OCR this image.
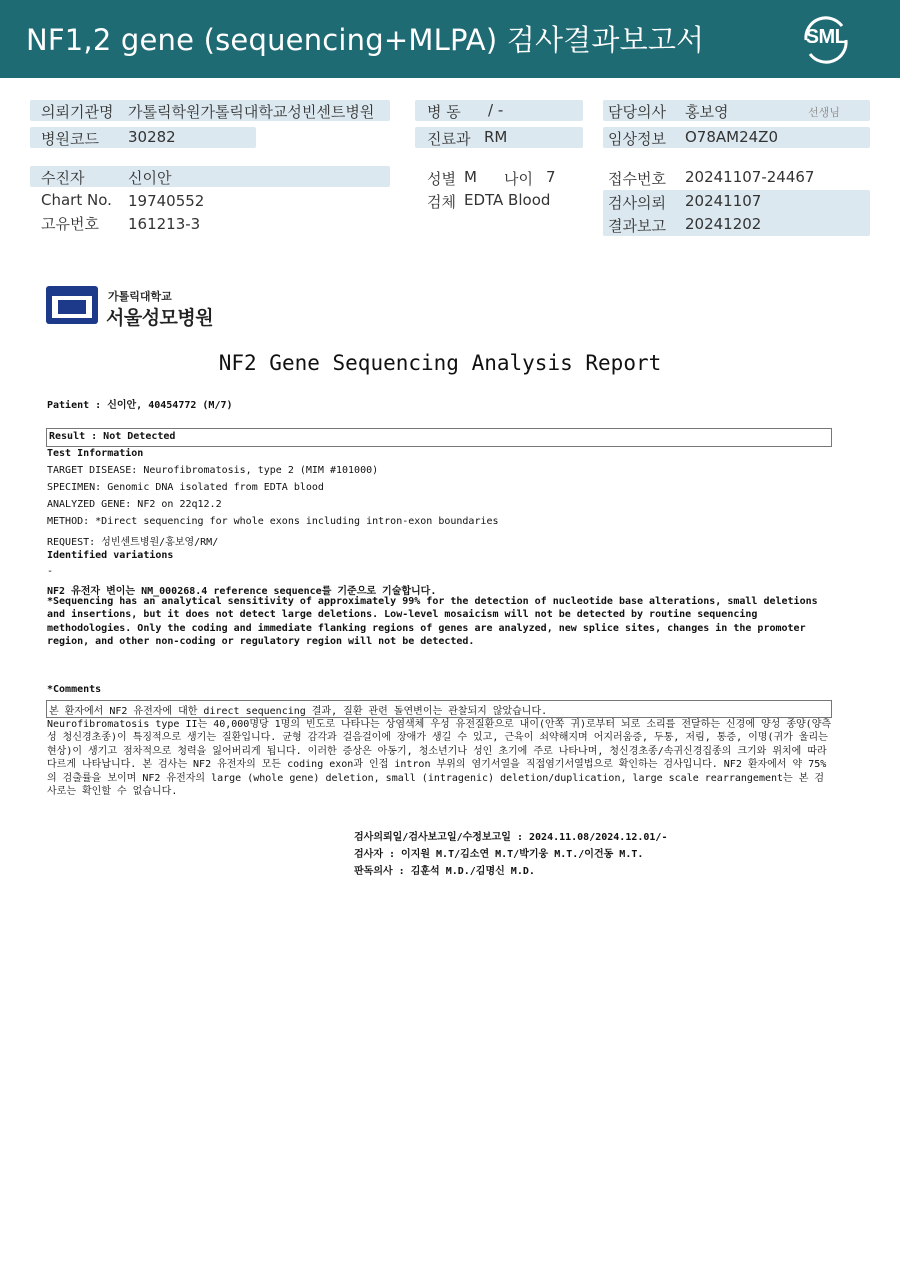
NF1,2 gene (sequencing+MLPA) 검사결과보고서	SML
의뢰기관명 가톨릭학원가톨릭대학교성빈센트병원	병 동 / -	담당의사 홍보영	선생님
병원코드 30282	진료과 RM	임상정보 O78AM24Z0
수진자	신이안	성별 M 나이 7	접수번호 20241107-24467
Chart No. 19740552	검체 EDTA Blood	검사의뢰 20241107
고유번호 161213-3	결과보고 20241202
가톨릭대학교
서울성모병원
NF2 Gene Sequencing Analysis Report
Patient : 신이안, 40454772 (M/7)
Result : Not Detected
Test Information
TARGET DISEASE: Neurofibromatosis, type 2 (MIM #101000)
SPECIMEN: Genomic DNA isolated from EDTA blood
ANALYZED GENE: NF2 on 22q12.2
METHOD: *Direct sequencing for whole exons including intron-exon boundaries
REQUEST: 성빈센트병원/홍보영/RM/
Identified variations
-
NF2 유전자 변이는 NM_000268.4 reference sequence를 기준으로 기술합니다.
*Sequencing has an analytical sensitivity of approximately 99% for the detection of nucleotide base alterations, small deletions and insertions, but it does not detect large deletions. Low-level mosaicism will not be detected by routine sequencing methodologies. Only the coding and immediate flanking regions of genes are analyzed, new splice sites, changes in the promoter region, and other non-coding or regulatory region will not be detected.
*Comments
본 환자에서 NF2 유전자에 대한 direct sequencing 결과, 질환 관련 돌연변이는 관찰되지 않았습니다.
Neurofibromatosis type II는 40,000명당 1명의 빈도로 나타나는 상염색체 우성 유전질환으로 내이(안쪽 귀)로부터 뇌로 소리를 전달하는 신경에 양성 종양(양측성 청신경초종)이 특징적으로 생기는 질환입니다. 균형 감각과 걸음걸이에 장애가 생길 수 있고, 근육이 쇠약해지며 어지러움증, 두통, 저림, 통증, 이명(귀가 울리는 현상)이 생기고 점차적으로 청력을 잃어버리게 됩니다. 이러한 증상은 아동기, 청소년기나 성인 초기에 주로 나타나며, 청신경초종/속귀신경집종의 크기와 위치에 따라 다르게 나타납니다. 본 검사는 NF2 유전자의 모든 coding exon과 인접 intron 부위의 염기서열을 직접염기서열법으로 확인하는 검사입니다. NF2 환자에서 약 75%의 검출률을 보이며 NF2 유전자의 large (whole gene) deletion, small (intragenic) deletion/duplication, large scale rearrangement는 본 검사로는 확인할 수 없습니다.
검사의뢰일/검사보고일/수정보고일 : 2024.11.08/2024.12.01/-
검사자 : 이지원 M.T/김소연 M.T/박기웅 M.T./이건동 M.T.
판독의사 : 김훈석 M.D./김명신 M.D.
